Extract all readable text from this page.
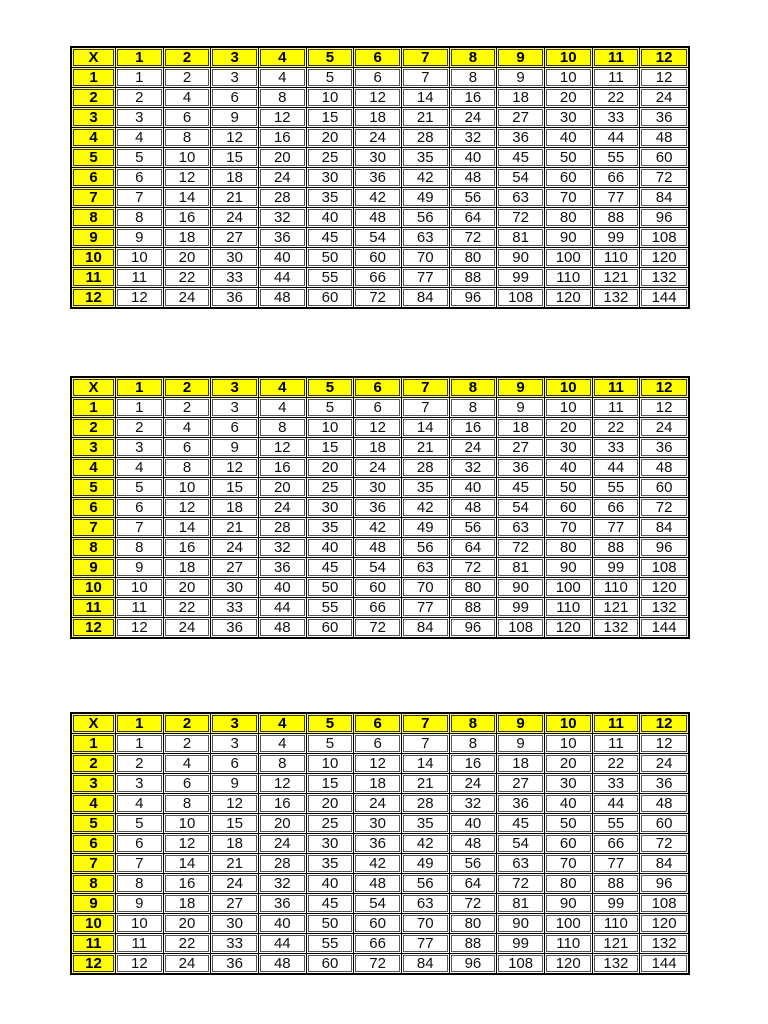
X	1	2	3	4	5	6	7	8	9	10	11	12
1	1	2	3	4	5	6	7	8	9	10	11	12
2	2	4	6	8	10	12	14	16	18	20	22	24
3	3	6	9	12	15	18	21	24	27	30	33	36
4	4	8	12	16	20	24	28	32	36	40	44	48
5	5	10	15	20	25	30	35	40	45	50	55	60
6	6	12	18	24	30	36	42	48	54	60	66	72
7	7	14	21	28	35	42	49	56	63	70	77	84
8	8	16	24	32	40	48	56	64	72	80	88	96
9	9	18	27	36	45	54	63	72	81	90	99	108
10	10	20	30	40	50	60	70	80	90	100	110	120
11	11	22	33	44	55	66	77	88	99	110	121	132
12	12	24	36	48	60	72	84	96	108	120	132	144
X	1	2	3	4	5	6	7	8	9	10	11	12
1	1	2	3	4	5	6	7	8	9	10	11	12
2	2	4	6	8	10	12	14	16	18	20	22	24
3	3	6	9	12	15	18	21	24	27	30	33	36
4	4	8	12	16	20	24	28	32	36	40	44	48
5	5	10	15	20	25	30	35	40	45	50	55	60
6	6	12	18	24	30	36	42	48	54	60	66	72
7	7	14	21	28	35	42	49	56	63	70	77	84
8	8	16	24	32	40	48	56	64	72	80	88	96
9	9	18	27	36	45	54	63	72	81	90	99	108
10	10	20	30	40	50	60	70	80	90	100	110	120
11	11	22	33	44	55	66	77	88	99	110	121	132
12	12	24	36	48	60	72	84	96	108	120	132	144
X	1	2	3	4	5	6	7	8	9	10	11	12
1	1	2	3	4	5	6	7	8	9	10	11	12
2	2	4	6	8	10	12	14	16	18	20	22	24
3	3	6	9	12	15	18	21	24	27	30	33	36
4	4	8	12	16	20	24	28	32	36	40	44	48
5	5	10	15	20	25	30	35	40	45	50	55	60
6	6	12	18	24	30	36	42	48	54	60	66	72
7	7	14	21	28	35	42	49	56	63	70	77	84
8	8	16	24	32	40	48	56	64	72	80	88	96
9	9	18	27	36	45	54	63	72	81	90	99	108
10	10	20	30	40	50	60	70	80	90	100	110	120
11	11	22	33	44	55	66	77	88	99	110	121	132
12	12	24	36	48	60	72	84	96	108	120	132	144
